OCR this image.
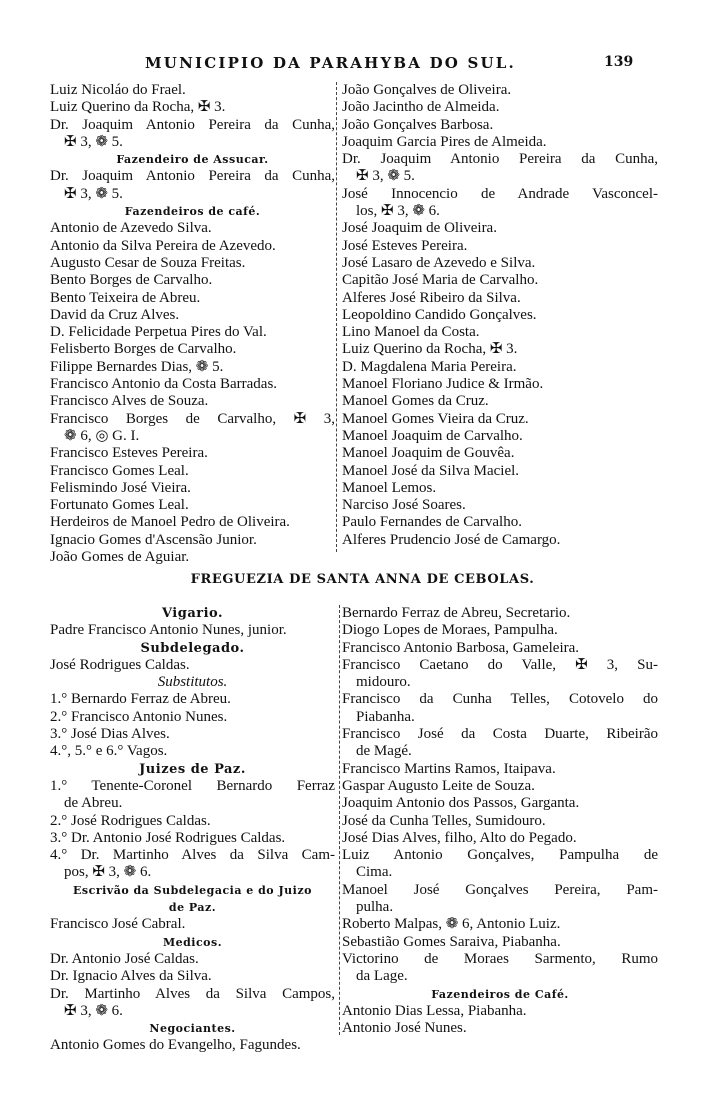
MUNICIPIO DA PARAHYBA DO SUL.	139
Luiz Nicoláo do Frael.
Luiz Querino da Rocha, ✠ 3.
Dr. Joaquim Antonio Pereira da Cunha,
✠ 3, ❁ 5.
Fazendeiro de Assucar.
Dr. Joaquim Antonio Pereira da Cunha,
✠ 3, ❁ 5.
Fazendeiros de café.
Antonio de Azevedo Silva.
Antonio da Silva Pereira de Azevedo.
Augusto Cesar de Souza Freitas.
Bento Borges de Carvalho.
Bento Teixeira de Abreu.
David da Cruz Alves.
D. Felicidade Perpetua Pires do Val.
Felisberto Borges de Carvalho.
Filippe Bernardes Dias, ❁ 5.
Francisco Antonio da Costa Barradas.
Francisco Alves de Souza.
Francisco Borges de Carvalho, ✠ 3,
❁ 6, ◎ G. I.
Francisco Esteves Pereira.
Francisco Gomes Leal.
Felismindo José Vieira.
Fortunato Gomes Leal.
Herdeiros de Manoel Pedro de Oliveira.
Ignacio Gomes d'Ascensão Junior.
João Gomes de Aguiar.
João Gonçalves de Oliveira.
João Jacintho de Almeida.
João Gonçalves Barbosa.
Joaquim Garcia Pires de Almeida.
Dr. Joaquim Antonio Pereira da Cunha,
✠ 3, ❁ 5.
José Innocencio de Andrade Vasconcel-
los, ✠ 3, ❁ 6.
José Joaquim de Oliveira.
José Esteves Pereira.
José Lasaro de Azevedo e Silva.
Capitão José Maria de Carvalho.
Alferes José Ribeiro da Silva.
Leopoldino Candido Gonçalves.
Lino Manoel da Costa.
Luiz Querino da Rocha, ✠ 3.
D. Magdalena Maria Pereira.
Manoel Floriano Judice & Irmão.
Manoel Gomes da Cruz.
Manoel Gomes Vieira da Cruz.
Manoel Joaquim de Carvalho.
Manoel Joaquim de Gouvêa.
Manoel José da Silva Maciel.
Manoel Lemos.
Narciso José Soares.
Paulo Fernandes de Carvalho.
Alferes Prudencio José de Camargo.
FREGUEZIA DE SANTA ANNA DE CEBOLAS.
Vigario.
Padre Francisco Antonio Nunes, junior.
Subdelegado.
José Rodrigues Caldas.
Substitutos.
1.° Bernardo Ferraz de Abreu.
2.° Francisco Antonio Nunes.
3.° José Dias Alves.
4.°, 5.° e 6.° Vagos.
Juizes de Paz.
1.° Tenente-Coronel Bernardo Ferraz
de Abreu.
2.° José Rodrigues Caldas.
3.° Dr. Antonio José Rodrigues Caldas.
4.° Dr. Martinho Alves da Silva Cam-
pos, ✠ 3, ❁ 6.
Escrivão da Subdelegacia e do Juizo
de Paz.
Francisco José Cabral.
Medicos.
Dr. Antonio José Caldas.
Dr. Ignacio Alves da Silva.
Dr. Martinho Alves da Silva Campos,
✠ 3, ❁ 6.
Negociantes.
Antonio Gomes do Evangelho, Fagundes.
Bernardo Ferraz de Abreu, Secretario.
Diogo Lopes de Moraes, Pampulha.
Francisco Antonio Barbosa, Gameleira.
Francisco Caetano do Valle, ✠ 3, Su-
midouro.
Francisco da Cunha Telles, Cotovelo do
Piabanha.
Francisco José da Costa Duarte, Ribeirão
de Magé.
Francisco Martins Ramos, Itaipava.
Gaspar Augusto Leite de Souza.
Joaquim Antonio dos Passos, Garganta.
José da Cunha Telles, Sumidouro.
José Dias Alves, filho, Alto do Pegado.
Luiz Antonio Gonçalves, Pampulha de
Cima.
Manoel José Gonçalves Pereira, Pam-
pulha.
Roberto Malpas, ❁ 6, Antonio Luiz.
Sebastião Gomes Saraiva, Piabanha.
Victorino de Moraes Sarmento, Rumo
da Lage.
Fazendeiros de Café.
Antonio Dias Lessa, Piabanha.
Antonio José Nunes.
